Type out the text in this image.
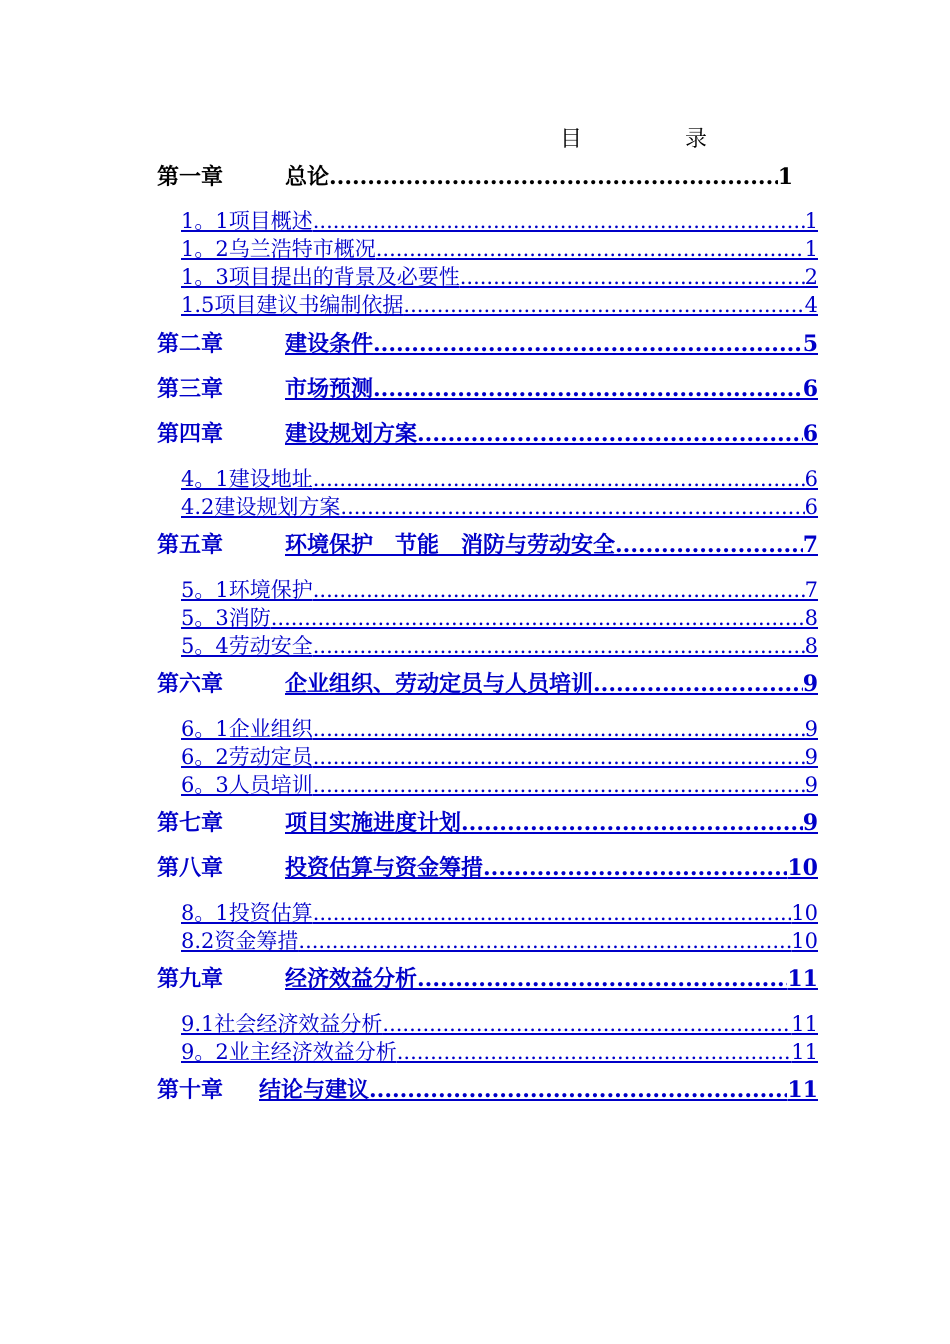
目 录
第一章	总论 .....	1
1。1项目概述 .....	1
1。2乌兰浩特市概况 .....	1
1。3项目提出的背景及必要性 .....	2
1.5项目建议书编制依据 .....	4
第二章	建设条件 .....	5
第三章	市场预测 .....	6
第四章	建设规划方案 .....	6
4。1建设地址 .....	6
4.2建设规划方案 .....	6
第五章	环境保护　节能　消防与劳动安全 .....	7
5。1环境保护 .....	7
5。3消防 .....	8
5。4劳动安全 .....	8
第六章	企业组织、劳动定员与人员培训 .....	9
6。1企业组织 .....	9
6。2劳动定员 .....	9
6。3人员培训 .....	9
第七章	项目实施进度计划 .....	9
第八章	投资估算与资金筹措 .....	10
8。1投资估算 .....	10
8.2资金筹措 .....	10
第九章	经济效益分析 .....	11
9.1社会经济效益分析 .....	11
9。2业主经济效益分析 .....	11
第十章 结论与建议 .....	11
